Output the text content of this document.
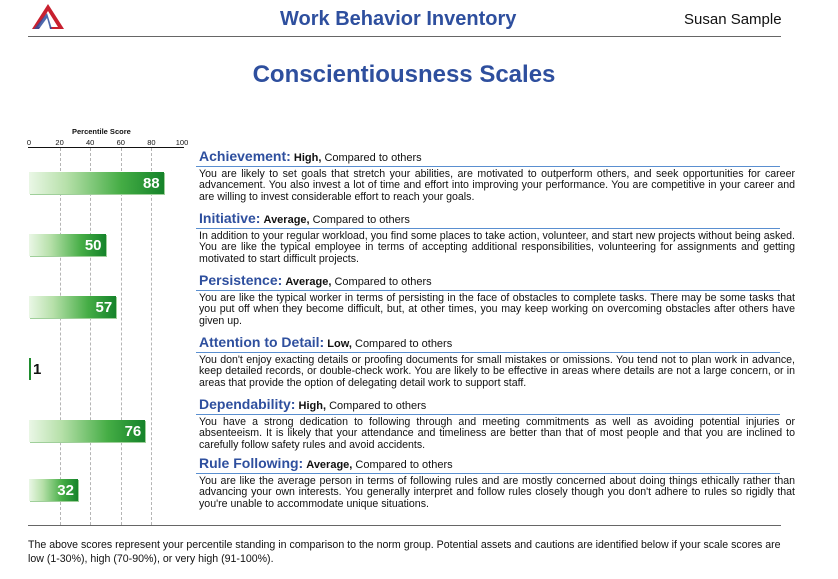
Work Behavior Inventory	Susan Sample
Conscientiousness Scales
Percentile Score
0	20	40	60	80	100
Achievement: High, Compared to others
You are likely to set goals that stretch your abilities, are motivated to outperform others, and seek opportunities for career advancement. You also invest a lot of time and effort into improving your performance. You are competitive in your career and are willing to invest considerable effort to reach your goals.
88
Initiative: Average, Compared to others
In addition to your regular workload, you find some places to take action, volunteer, and start new projects without being asked. You are like the typical employee in terms of accepting additional responsibilities, volunteering for assignments and getting motivated to start difficult projects.
50
Persistence: Average, Compared to others
You are like the typical worker in terms of persisting in the face of obstacles to complete tasks. There may be some tasks that you put off when they become difficult, but, at other times, you may keep working on overcoming obstacles after others have given up.
57
Attention to Detail: Low, Compared to others
You don't enjoy exacting details or proofing documents for small mistakes or omissions. You tend not to plan work in advance, keep detailed records, or double-check work. You are likely to be effective in areas where details are not a large concern, or in areas that provide the option of delegating detail work to support staff.
1
Dependability: High, Compared to others
You have a strong dedication to following through and meeting commitments as well as avoiding potential injuries or absenteeism. It is likely that your attendance and timeliness are better than that of most people and that you are inclined to carefully follow safety rules and avoid accidents.
76
Rule Following: Average, Compared to others
You are like the average person in terms of following rules and are mostly concerned about doing things ethically rather than advancing your own interests. You generally interpret and follow rules closely though you don't adhere to rules so rigidly that you're unable to accommodate unique situations.
32
The above scores represent your percentile standing in comparison to the norm group. Potential assets and cautions are identified below if your scale scores are low (1-30%), high (70-90%), or very high (91-100%).
